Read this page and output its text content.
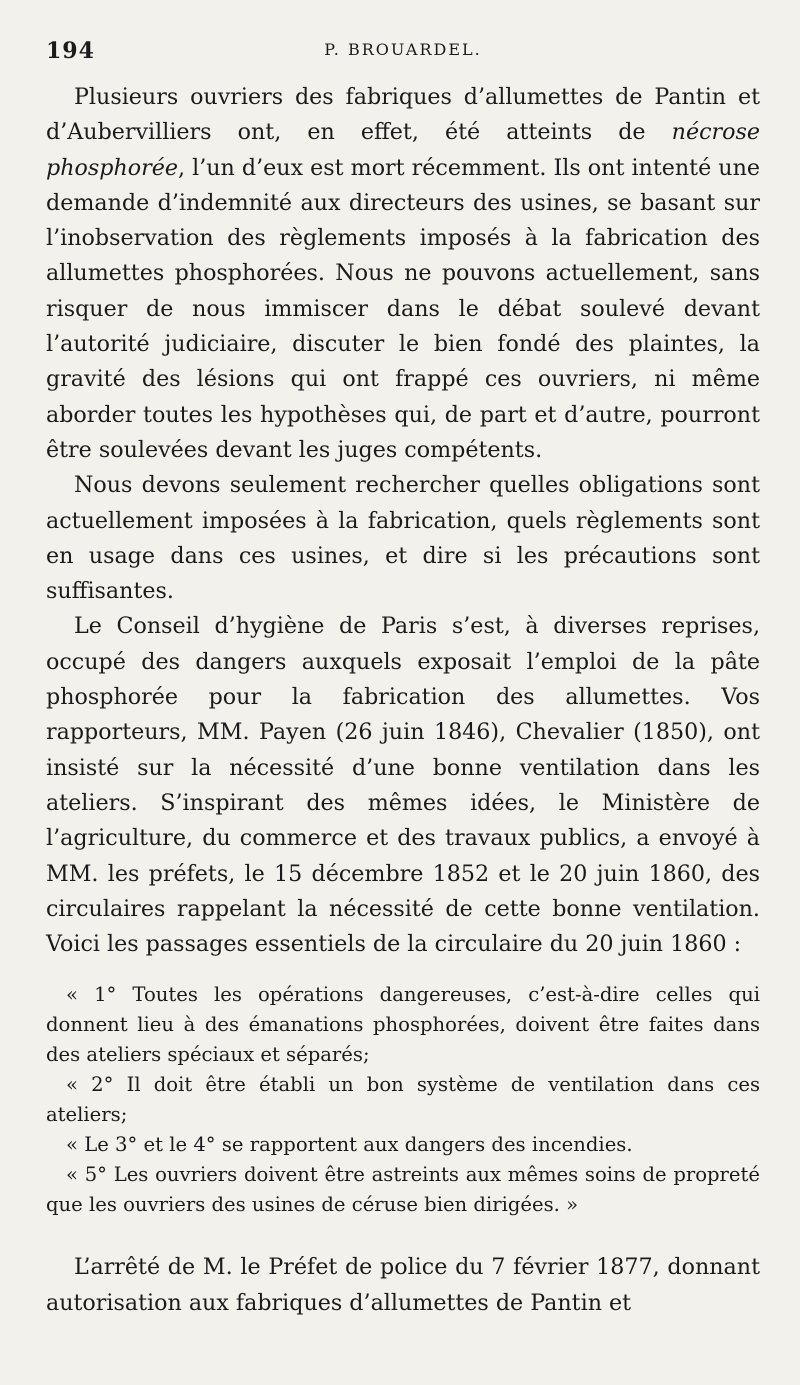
194	P. BROUARDEL.

Plusieurs ouvriers des fabriques d’allumettes de Pantin et d’Aubervilliers ont, en effet, été atteints de nécrose phosphorée, l’un d’eux est mort récemment. Ils ont intenté une demande d’indemnité aux directeurs des usines, se basant sur l’inobservation des règlements imposés à la fabrication des allumettes phosphorées. Nous ne pouvons actuellement, sans risquer de nous immiscer dans le débat soulevé devant l’autorité judiciaire, discuter le bien fondé des plaintes, la gravité des lésions qui ont frappé ces ouvriers, ni même aborder toutes les hypothèses qui, de part et d’autre, pourront être soulevées devant les juges compétents.

Nous devons seulement rechercher quelles obligations sont actuellement imposées à la fabrication, quels règlements sont en usage dans ces usines, et dire si les précautions sont suffisantes.

Le Conseil d’hygiène de Paris s’est, à diverses reprises, occupé des dangers auxquels exposait l’emploi de la pâte phosphorée pour la fabrication des allumettes. Vos rapporteurs, MM. Payen (26 juin 1846), Chevalier (1850), ont insisté sur la nécessité d’une bonne ventilation dans les ateliers. S’inspirant des mêmes idées, le Ministère de l’agriculture, du commerce et des travaux publics, a envoyé à MM. les préfets, le 15 décembre 1852 et le 20 juin 1860, des circulaires rappelant la nécessité de cette bonne ventilation. Voici les passages essentiels de la circulaire du 20 juin 1860 :

« 1° Toutes les opérations dangereuses, c’est-à-dire celles qui donnent lieu à des émanations phosphorées, doivent être faites dans des ateliers spéciaux et séparés;

« 2° Il doit être établi un bon système de ventilation dans ces ateliers;

« Le 3° et le 4° se rapportent aux dangers des incendies.

« 5° Les ouvriers doivent être astreints aux mêmes soins de propreté que les ouvriers des usines de céruse bien dirigées. »

L’arrêté de M. le Préfet de police du 7 février 1877, donnant autorisation aux fabriques d’allumettes de Pantin et
